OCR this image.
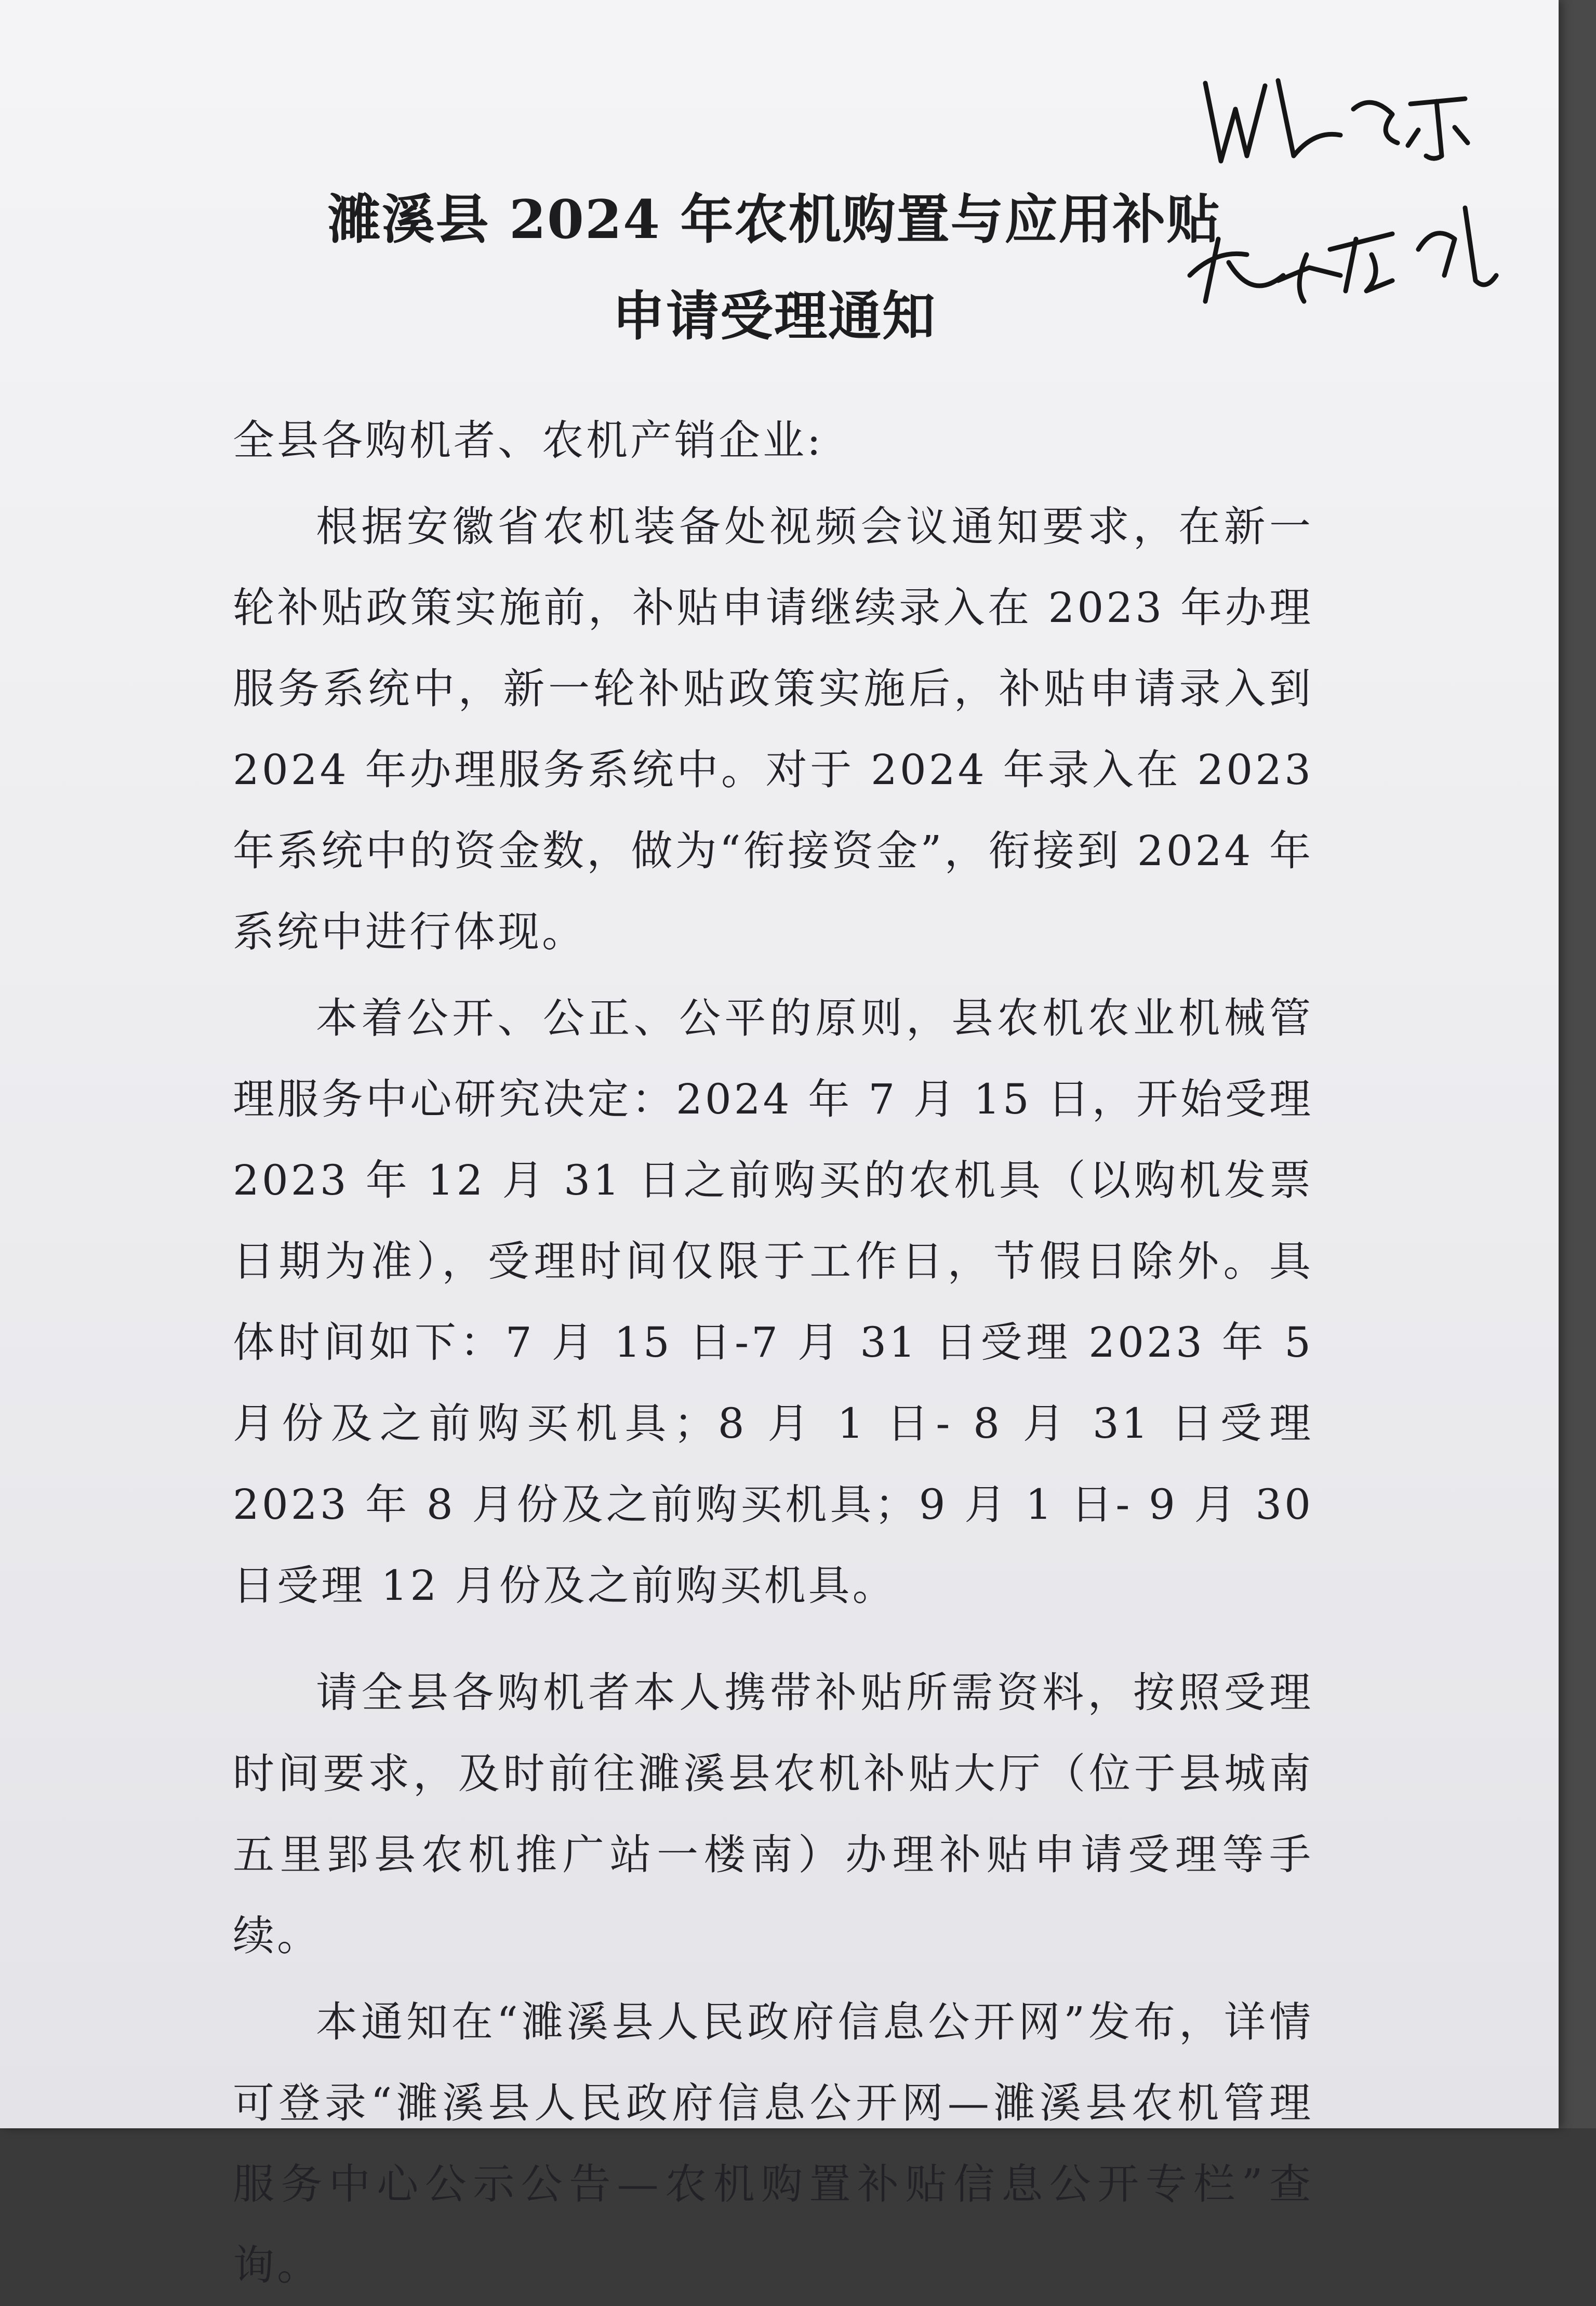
濉溪县 2024 年农机购置与应用补贴
申请受理通知

全县各购机者、农机产销企业:

根据安徽省农机装备处视频会议通知要求，在新一轮补贴政策实施前，补贴申请继续录入在 2023 年办理服务系统中，新一轮补贴政策实施后，补贴申请录入到 2024 年办理服务系统中。对于 2024 年录入在 2023 年系统中的资金数，做为“衔接资金”，衔接到 2024 年系统中进行体现。

本着公开、公正、公平的原则，县农机农业机械管理服务中心研究决定：2024 年 7 月 15 日，开始受理 2023 年 12 月 31 日之前购买的农机具（以购机发票日期为准），受理时间仅限于工作日，节假日除外。具体时间如下：7 月 15 日-7 月 31 日受理 2023 年 5 月份及之前购买机具；8 月 1 日- 8 月 31 日受理 2023 年 8 月份及之前购买机具；9 月 1 日- 9 月 30 日受理 12 月份及之前购买机具。

请全县各购机者本人携带补贴所需资料，按照受理时间要求，及时前往濉溪县农机补贴大厅（位于县城南五里郢县农机推广站一楼南）办理补贴申请受理等手续。

本通知在“濉溪县人民政府信息公开网”发布，详情可登录“濉溪县人民政府信息公开网—濉溪县农机管理服务中心公示公告—农机购置补贴信息公开专栏”查询。
